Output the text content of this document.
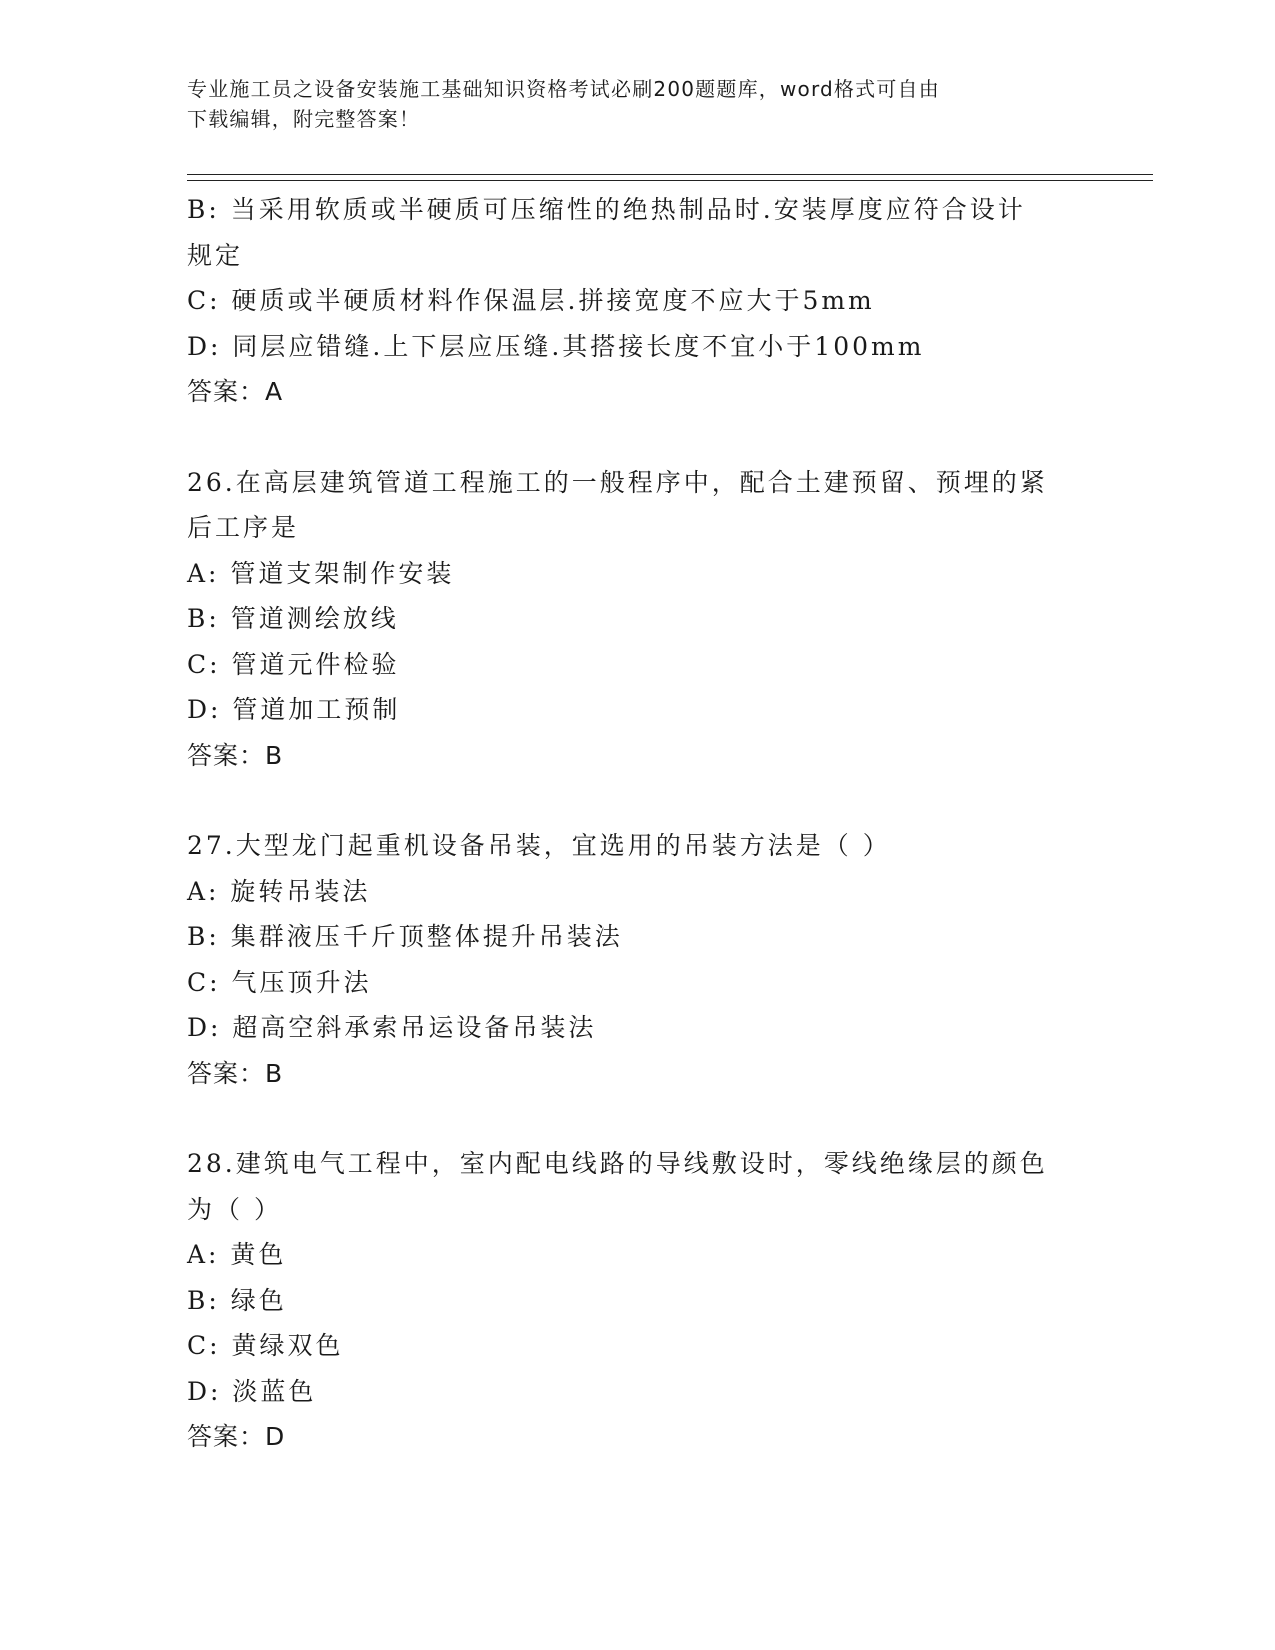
专业施工员之设备安装施工基础知识资格考试必刷200题题库，word格式可自由
下载编辑，附完整答案！
B: 当采用软质或半硬质可压缩性的绝热制品时.安装厚度应符合设计
规定
C: 硬质或半硬质材料作保温层.拼接宽度不应大于5mm
D: 同层应错缝.上下层应压缝.其搭接长度不宜小于100mm
答案：A
26.在高层建筑管道工程施工的一般程序中，配合土建预留、预埋的紧
后工序是
A: 管道支架制作安装
B: 管道测绘放线
C: 管道元件检验
D: 管道加工预制
答案：B
27.大型龙门起重机设备吊装，宜选用的吊装方法是（ ）
A: 旋转吊装法
B: 集群液压千斤顶整体提升吊装法
C: 气压顶升法
D: 超高空斜承索吊运设备吊装法
答案：B
28.建筑电气工程中，室内配电线路的导线敷设时，零线绝缘层的颜色
为（ ）
A: 黄色
B: 绿色
C: 黄绿双色
D: 淡蓝色
答案：D
